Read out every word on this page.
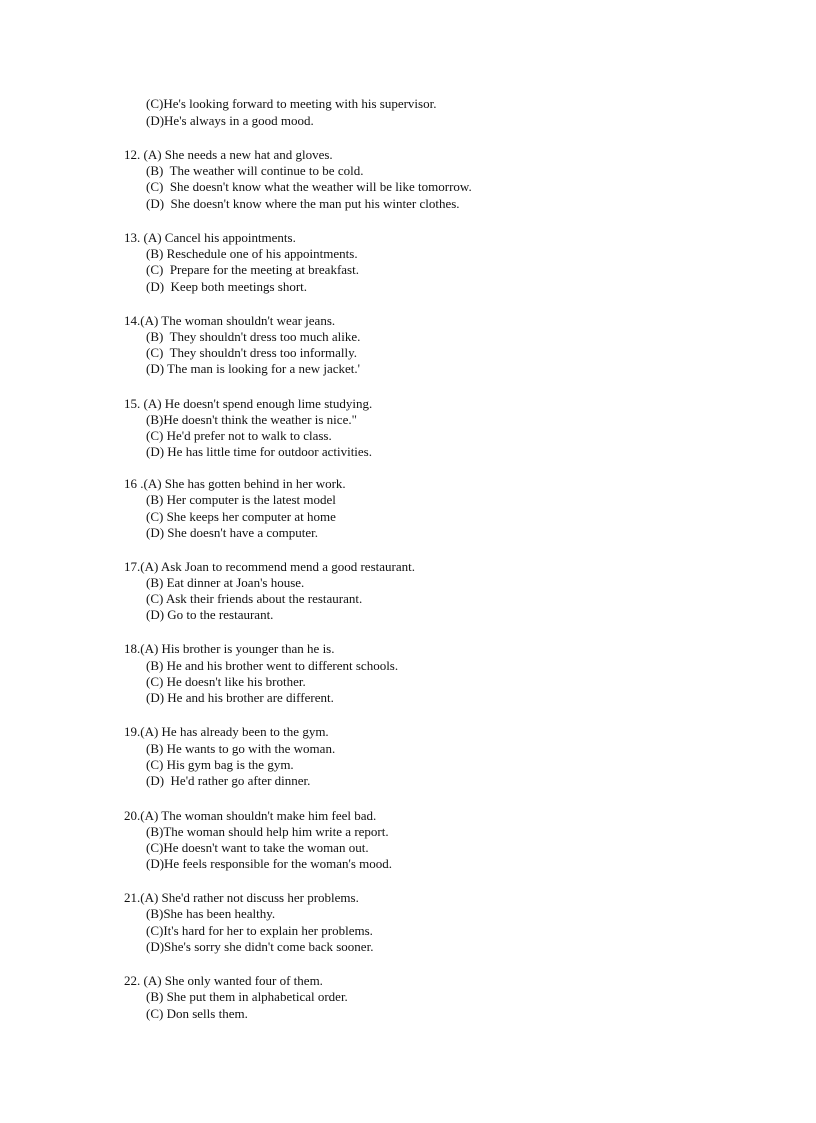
(C)He's looking forward to meeting with his supervisor.
(D)He's always in a good mood.
12. (A) She needs a new hat and gloves.
(B)  The weather will continue to be cold.
(C)  She doesn't know what the weather will be like tomorrow.
(D)  She doesn't know where the man put his winter clothes.
13. (A) Cancel his appointments.
(B) Reschedule one of his appointments.
(C)  Prepare for the meeting at breakfast.
(D)  Keep both meetings short.
14.(A) The woman shouldn't wear jeans.
(B)  They shouldn't dress too much alike.
(C)  They shouldn't dress too informally.
(D) The man is looking for a new jacket.'
15. (A) He doesn't spend enough lime studying.
(B)He doesn't think the weather is nice."
(C) He'd prefer not to walk to class.
(D) He has little time for outdoor activities.
16 .(A) She has gotten behind in her work.
(B) Her computer is the latest model
(C) She keeps her computer at home
(D) She doesn't have a computer.
17.(A) Ask Joan to recommend mend a good restaurant.
(B) Eat dinner at Joan's house.
(C) Ask their friends about the restaurant.
(D) Go to the restaurant.
18.(A) His brother is younger than he is.
(B) He and his brother went to different schools.
(C) He doesn't like his brother.
(D) He and his brother are different.
19.(A) He has already been to the gym.
(B) He wants to go with the woman.
(C) His gym bag is the gym.
(D)  He'd rather go after dinner.
20.(A) The woman shouldn't make him feel bad.
(B)The woman should help him write a report.
(C)He doesn't want to take the woman out.
(D)He feels responsible for the woman's mood.
21.(A) She'd rather not discuss her problems.
(B)She has been healthy.
(C)It's hard for her to explain her problems.
(D)She's sorry she didn't come back sooner.
22. (A) She only wanted four of them.
(B) She put them in alphabetical order.
(C) Don sells them.
